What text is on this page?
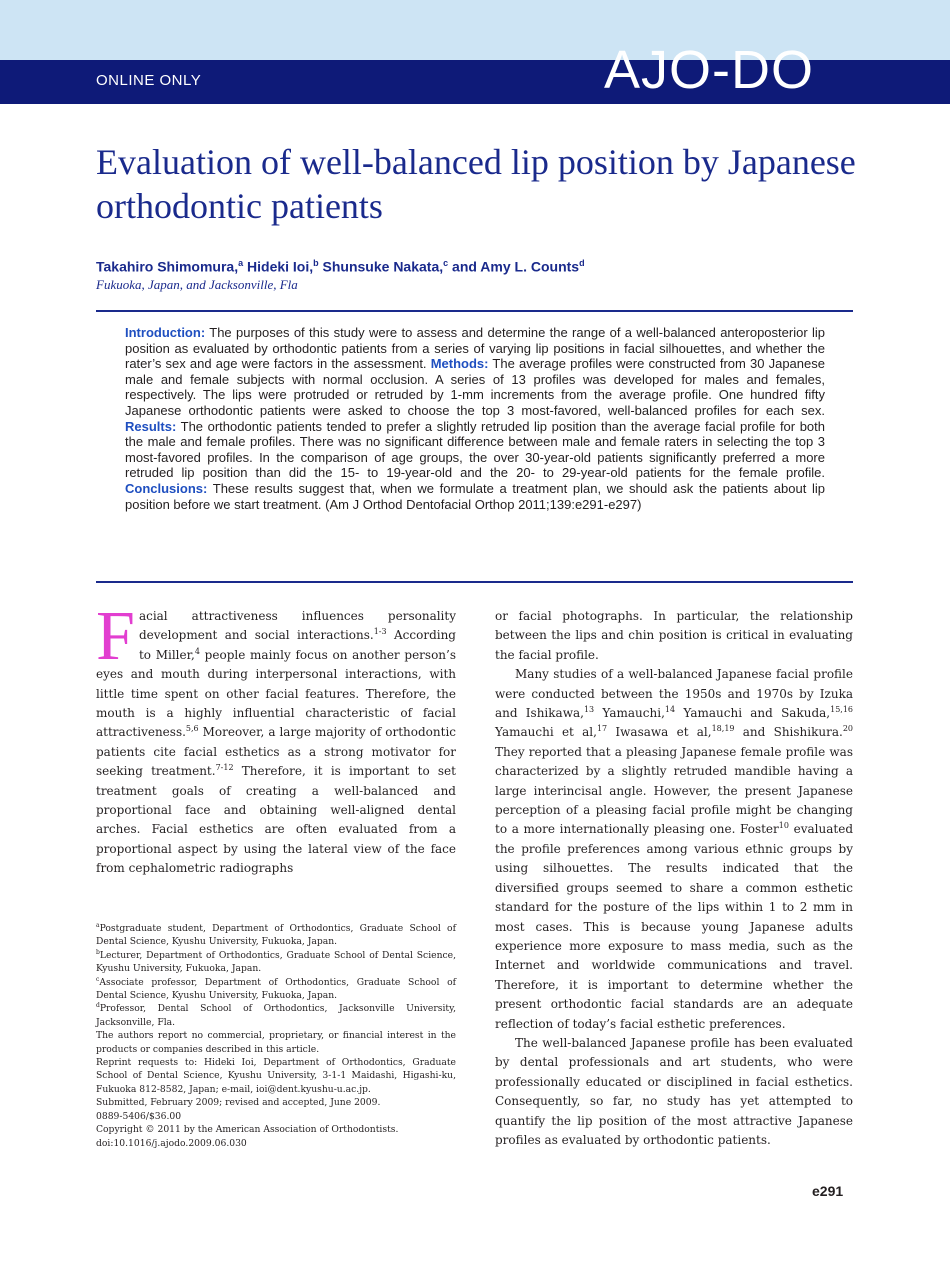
ONLINE ONLY	AJO-DO
Evaluation of well-balanced lip position by Japanese orthodontic patients
Takahiro Shimomura,$^a$ Hideki Ioi,$^b$ Shunsuke Nakata,$^c$ and Amy L. Counts$^d$
Fukuoka, Japan, and Jacksonville, Fla
Introduction: The purposes of this study were to assess and determine the range of a well-balanced anteroposterior lip position as evaluated by orthodontic patients from a series of varying lip positions in facial silhouettes, and whether the rater’s sex and age were factors in the assessment. Methods: The average profiles were constructed from 30 Japanese male and female subjects with normal occlusion. A series of 13 profiles was developed for males and females, respectively. The lips were protruded or retruded by 1-mm increments from the average profile. One hundred fifty Japanese orthodontic patients were asked to choose the top 3 most-favored, well-balanced profiles for each sex. Results: The orthodontic patients tended to prefer a slightly retruded lip position than the average facial profile for both the male and female profiles. There was no significant difference between male and female raters in selecting the top 3 most-favored profiles. In the comparison of age groups, the over 30-year-old patients significantly preferred a more retruded lip position than did the 15- to 19-year-old and the 20- to 29-year-old patients for the female profile. Conclusions: These results suggest that, when we formulate a treatment plan, we should ask the patients about lip position before we start treatment. (Am J Orthod Dentofacial Orthop 2011;139:e291-e297)

Facial attractiveness influences personality development and social interactions.$^{1-3}$ According to Miller,$^4$ people mainly focus on another person’s eyes and mouth during interpersonal interactions, with little time spent on other facial features. Therefore, the mouth is a highly influential characteristic of facial attractiveness.$^{5,6}$ Moreover, a large majority of orthodontic patients cite facial esthetics as a strong motivator for seeking treatment.$^{7-12}$ Therefore, it is important to set treatment goals of creating a well-balanced and proportional face and obtaining well-aligned dental arches. Facial esthetics are often evaluated from a proportional aspect by using the lateral view of the face from cephalometric radiographs

or facial photographs. In particular, the relationship between the lips and chin position is critical in evaluating the facial profile.

Many studies of a well-balanced Japanese facial profile were conducted between the 1950s and 1970s by Izuka and Ishikawa,$^{13}$ Yamauchi,$^{14}$ Yamauchi and Sakuda,$^{15,16}$ Yamauchi et al,$^{17}$ Iwasawa et al,$^{18,19}$ and Shishikura.$^{20}$ They reported that a pleasing Japanese female profile was characterized by a slightly retruded mandible having a large interincisal angle. However, the present Japanese perception of a pleasing facial profile might be changing to a more internationally pleasing one. Foster$^{10}$ evaluated the profile preferences among various ethnic groups by using silhouettes. The results indicated that the diversified groups seemed to share a common esthetic standard for the posture of the lips within 1 to 2 mm in most cases. This is because young Japanese adults experience more exposure to mass media, such as the Internet and worldwide communications and travel. Therefore, it is important to determine whether the present orthodontic facial standards are an adequate reflection of today’s facial esthetic preferences.

The well-balanced Japanese profile has been evaluated by dental professionals and art students, who were professionally educated or disciplined in facial esthetics. Consequently, so far, no study has yet attempted to quantify the lip position of the most attractive Japanese profiles as evaluated by orthodontic patients.

$^a$Postgraduate student, Department of Orthodontics, Graduate School of Dental Science, Kyushu University, Fukuoka, Japan.

$^b$Lecturer, Department of Orthodontics, Graduate School of Dental Science, Kyushu University, Fukuoka, Japan.

$^c$Associate professor, Department of Orthodontics, Graduate School of Dental Science, Kyushu University, Fukuoka, Japan.

$^d$Professor, Dental School of Orthodontics, Jacksonville University, Jacksonville, Fla.

The authors report no commercial, proprietary, or financial interest in the products or companies described in this article.

Reprint requests to: Hideki Ioi, Department of Orthodontics, Graduate School of Dental Science, Kyushu University, 3-1-1 Maidashi, Higashi-ku, Fukuoka 812-8582, Japan; e-mail, ioi@dent.kyushu-u.ac.jp.

Submitted, February 2009; revised and accepted, June 2009.

0889-5406/$36.00

Copyright © 2011 by the American Association of Orthodontists.

doi:10.1016/j.ajodo.2009.06.030

e291
